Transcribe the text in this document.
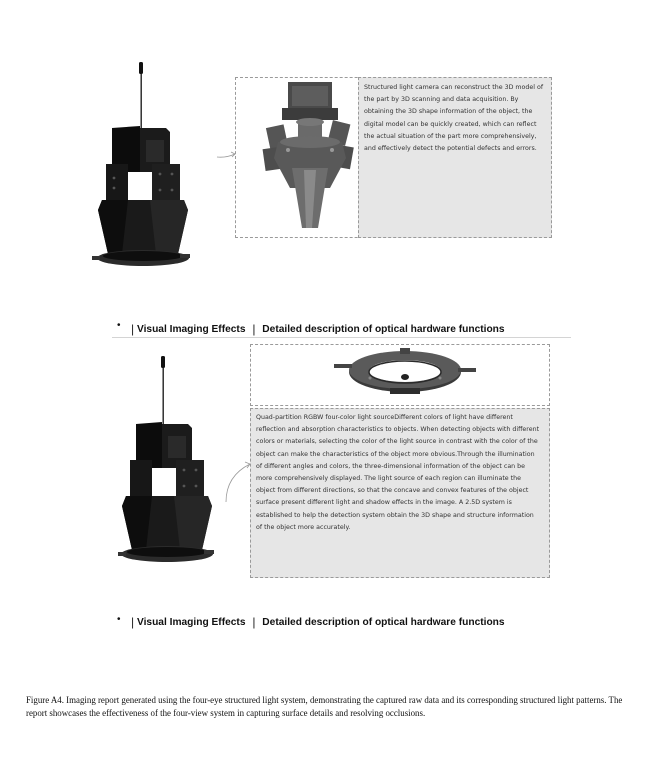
Structured light camera can reconstruct the 3D model of the part by 3D scanning and data acquisition. By obtaining the 3D shape information of the object, the digital model can be quickly created, which can reflect the actual situation of the part more comprehensively, and effectively detect the potential defects and errors.

• | Visual Imaging Effects | Detailed description of optical hardware functions

Quad-partition RGBW four-color light sourceDifferent colors of light have different reflection and absorption characteristics to objects. When detecting objects with different colors or materials, selecting the color of the light source in contrast with the color of the object can make the characteristics of the object more obvious.Through the illumination of different angles and colors, the three-dimensional information of the object can be more comprehensively displayed. The light source of each region can illuminate the object from different directions, so that the concave and convex features of the object surface present different light and shadow effects in the image. A 2.5D system is established to help the detection system obtain the 3D shape and structure information of the object more accurately.

• | Visual Imaging Effects | Detailed description of optical hardware functions
Figure A4. Imaging report generated using the four-eye structured light system, demonstrating the captured raw data and its corresponding structured light patterns. The report showcases the effectiveness of the four-view system in capturing surface details and resolving occlusions.
